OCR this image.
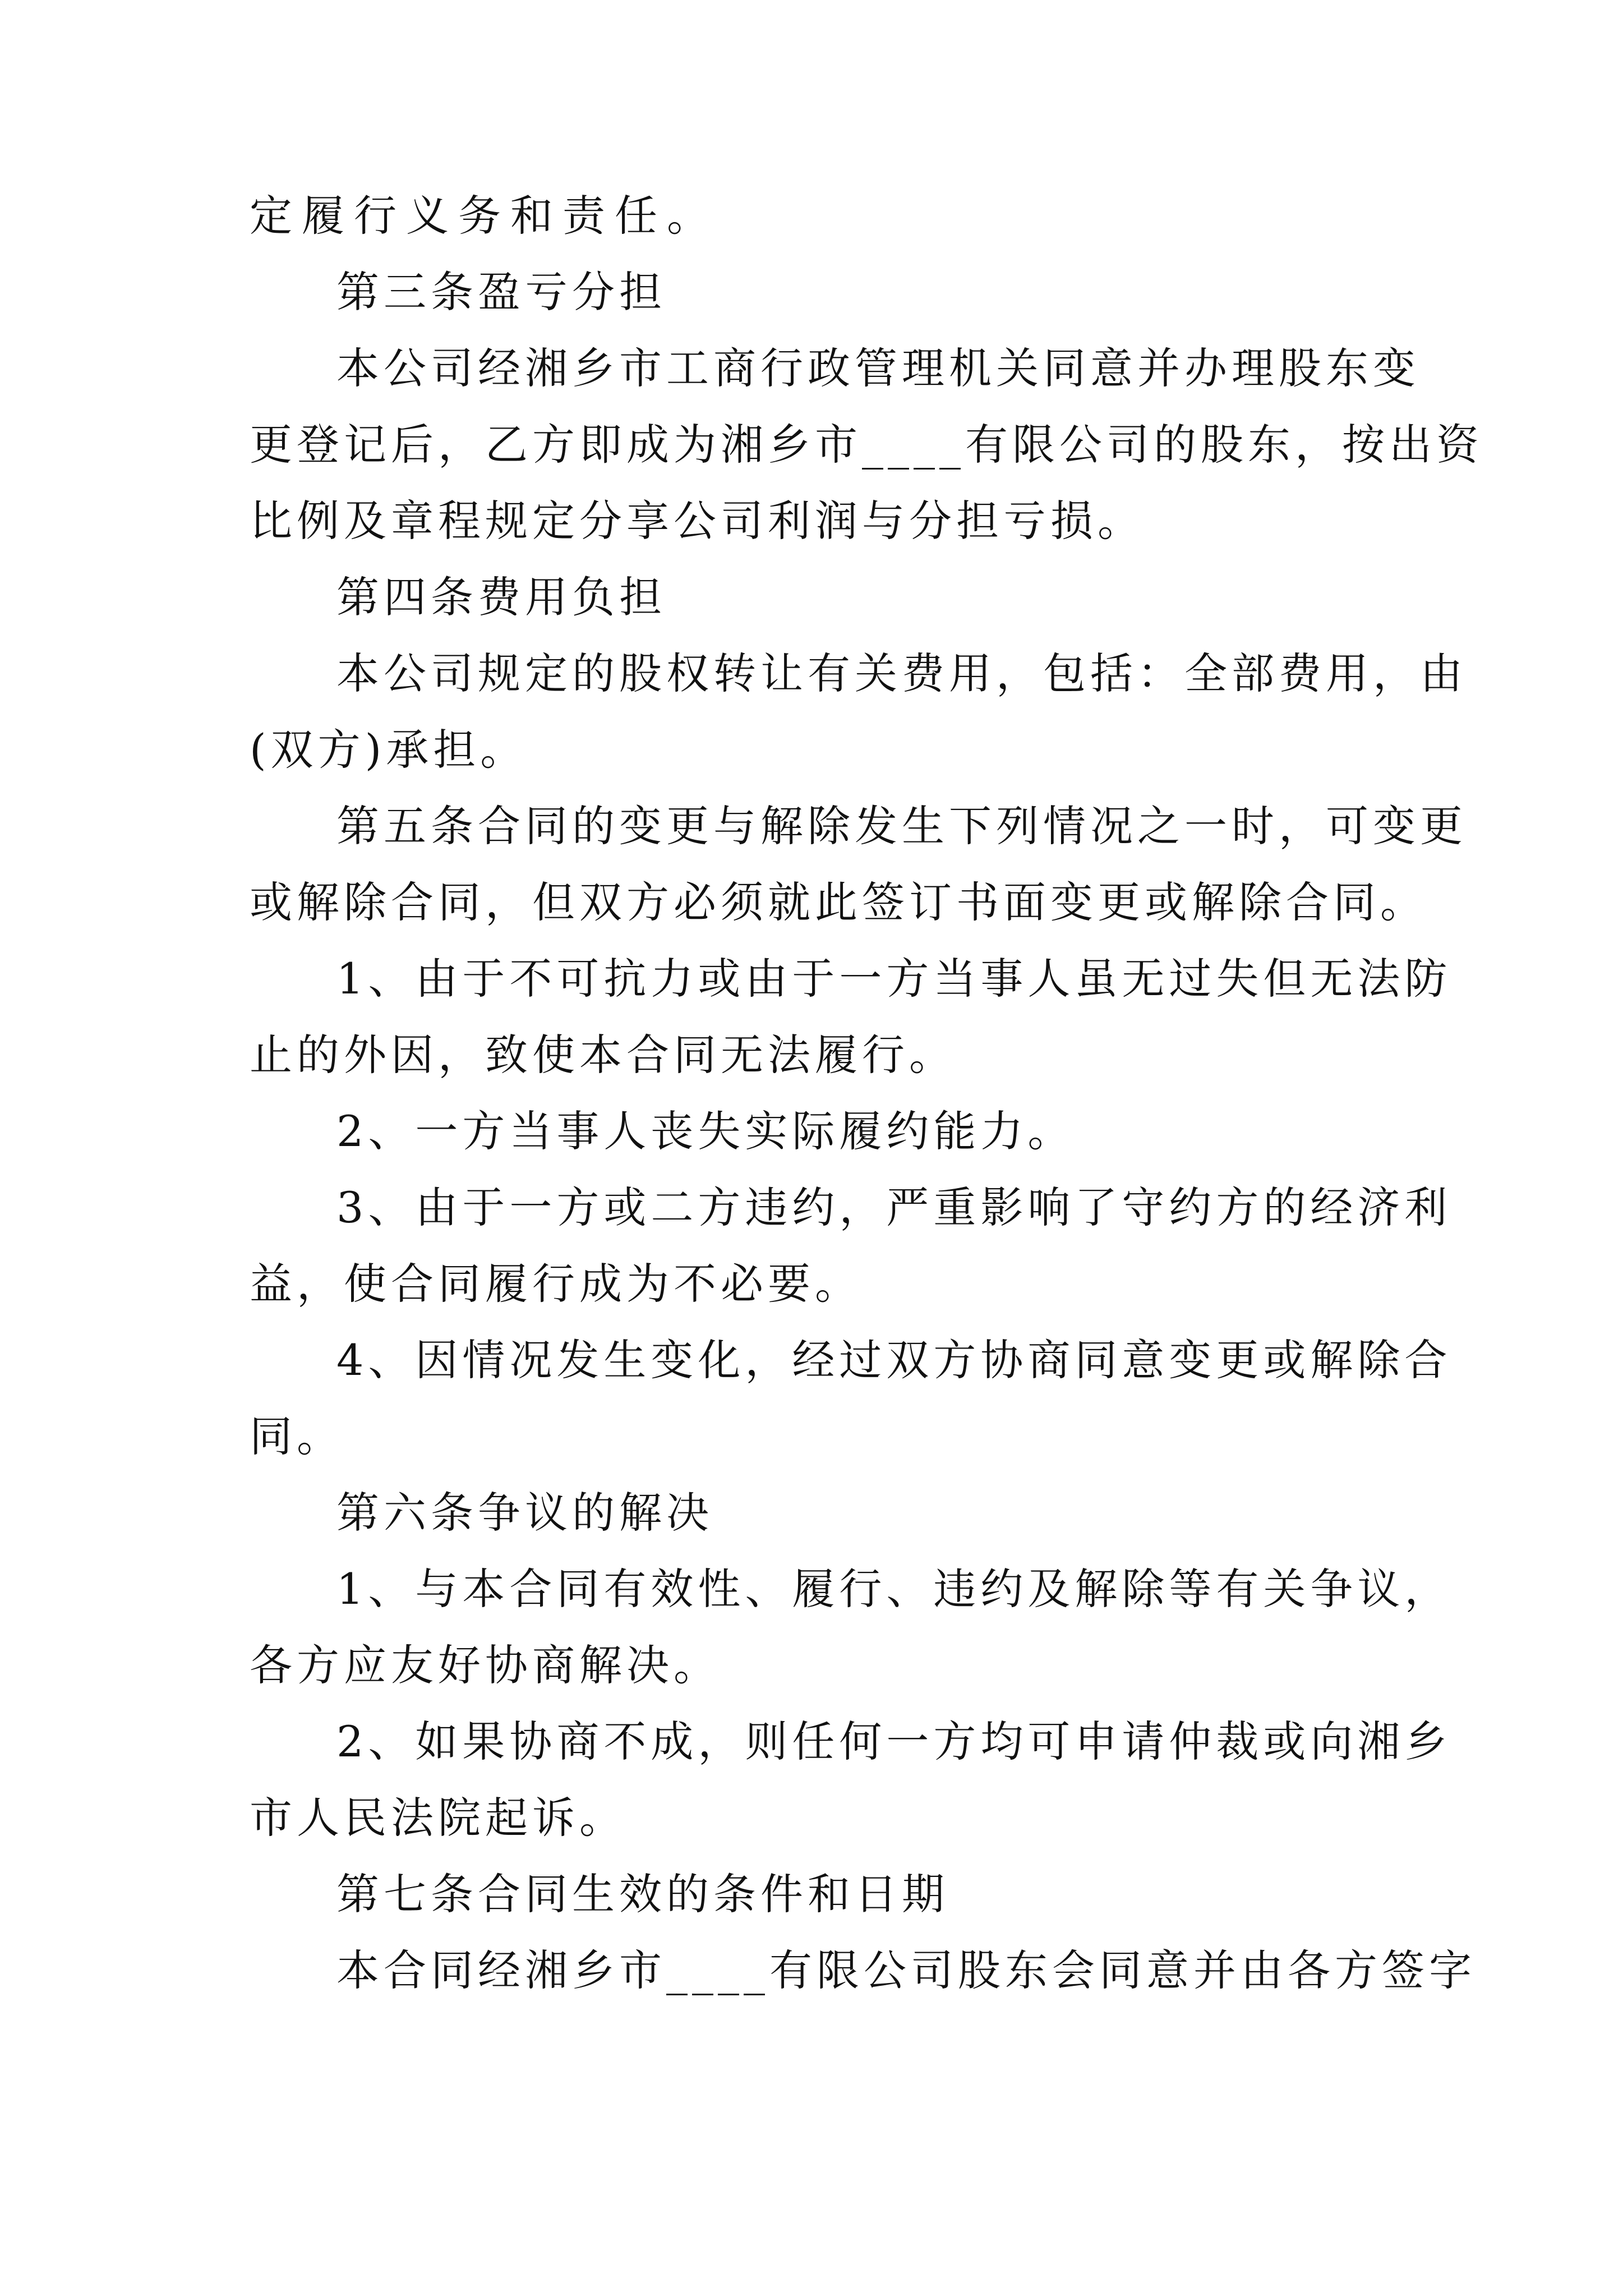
定履行义务和责任。
第三条盈亏分担
本公司经湘乡市工商行政管理机关同意并办理股东变
更登记后，乙方即成为湘乡市____有限公司的股东，按出资
比例及章程规定分享公司利润与分担亏损。
第四条费用负担
本公司规定的股权转让有关费用，包括：全部费用，由
(双方)承担。
第五条合同的变更与解除发生下列情况之一时，可变更
或解除合同，但双方必须就此签订书面变更或解除合同。
1、由于不可抗力或由于一方当事人虽无过失但无法防
止的外因，致使本合同无法履行。
2、一方当事人丧失实际履约能力。
3、由于一方或二方违约，严重影响了守约方的经济利
益，使合同履行成为不必要。
4、因情况发生变化，经过双方协商同意变更或解除合
同。
第六条争议的解决
1、与本合同有效性、履行、违约及解除等有关争议，
各方应友好协商解决。
2、如果协商不成，则任何一方均可申请仲裁或向湘乡
市人民法院起诉。
第七条合同生效的条件和日期
本合同经湘乡市____有限公司股东会同意并由各方签字
